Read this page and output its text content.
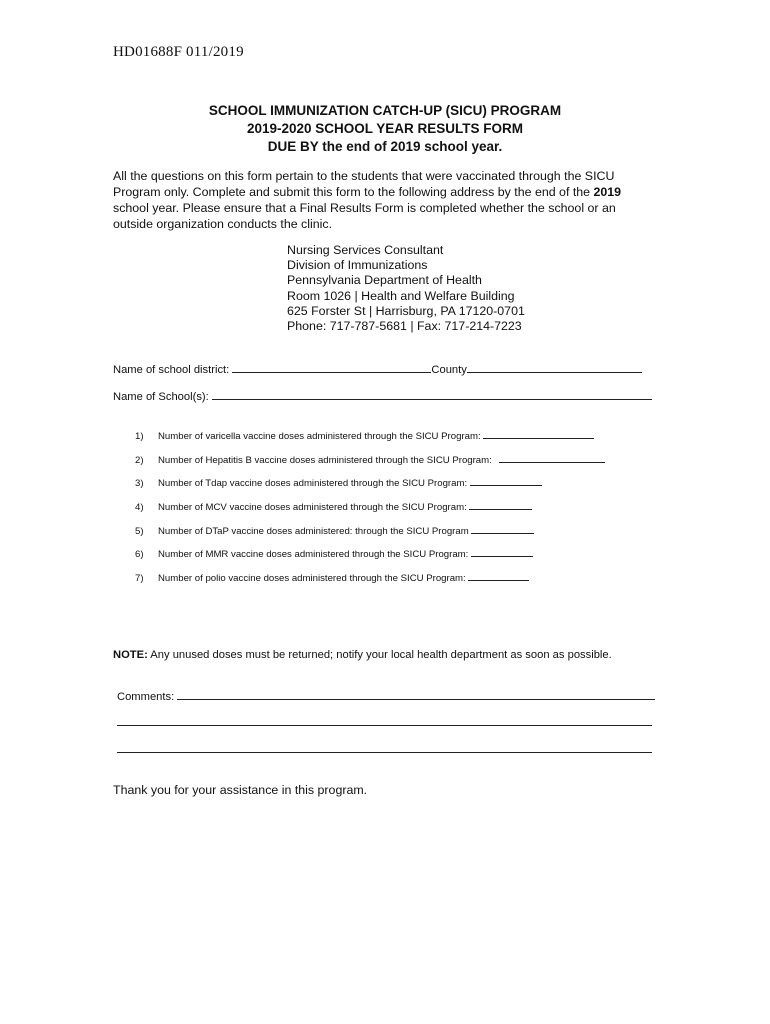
HD01688F 011/2019
SCHOOL IMMUNIZATION CATCH-UP (SICU) PROGRAM
2019-2020 SCHOOL YEAR RESULTS FORM
DUE BY the end of 2019 school year.
All the questions on this form pertain to the students that were vaccinated through the SICU Program only. Complete and submit this form to the following address by the end of the 2019 school year. Please ensure that a Final Results Form is completed whether the school or an outside organization conducts the clinic.
Nursing Services Consultant
Division of Immunizations
Pennsylvania Department of Health
Room 1026 | Health and Welfare Building
625 Forster St | Harrisburg, PA 17120-0701
Phone: 717-787-5681 | Fax: 717-214-7223
Name of school district:	County
Name of School(s):
1) Number of varicella vaccine doses administered through the SICU Program:
2) Number of Hepatitis B vaccine doses administered through the SICU Program:
3) Number of Tdap vaccine doses administered through the SICU Program:
4) Number of MCV vaccine doses administered through the SICU Program:
5) Number of DTaP vaccine doses administered: through the SICU Program
6) Number of MMR vaccine doses administered through the SICU Program:
7) Number of polio vaccine doses administered through the SICU Program:
NOTE: Any unused doses must be returned; notify your local health department as soon as possible.
Comments:
Thank you for your assistance in this program.
